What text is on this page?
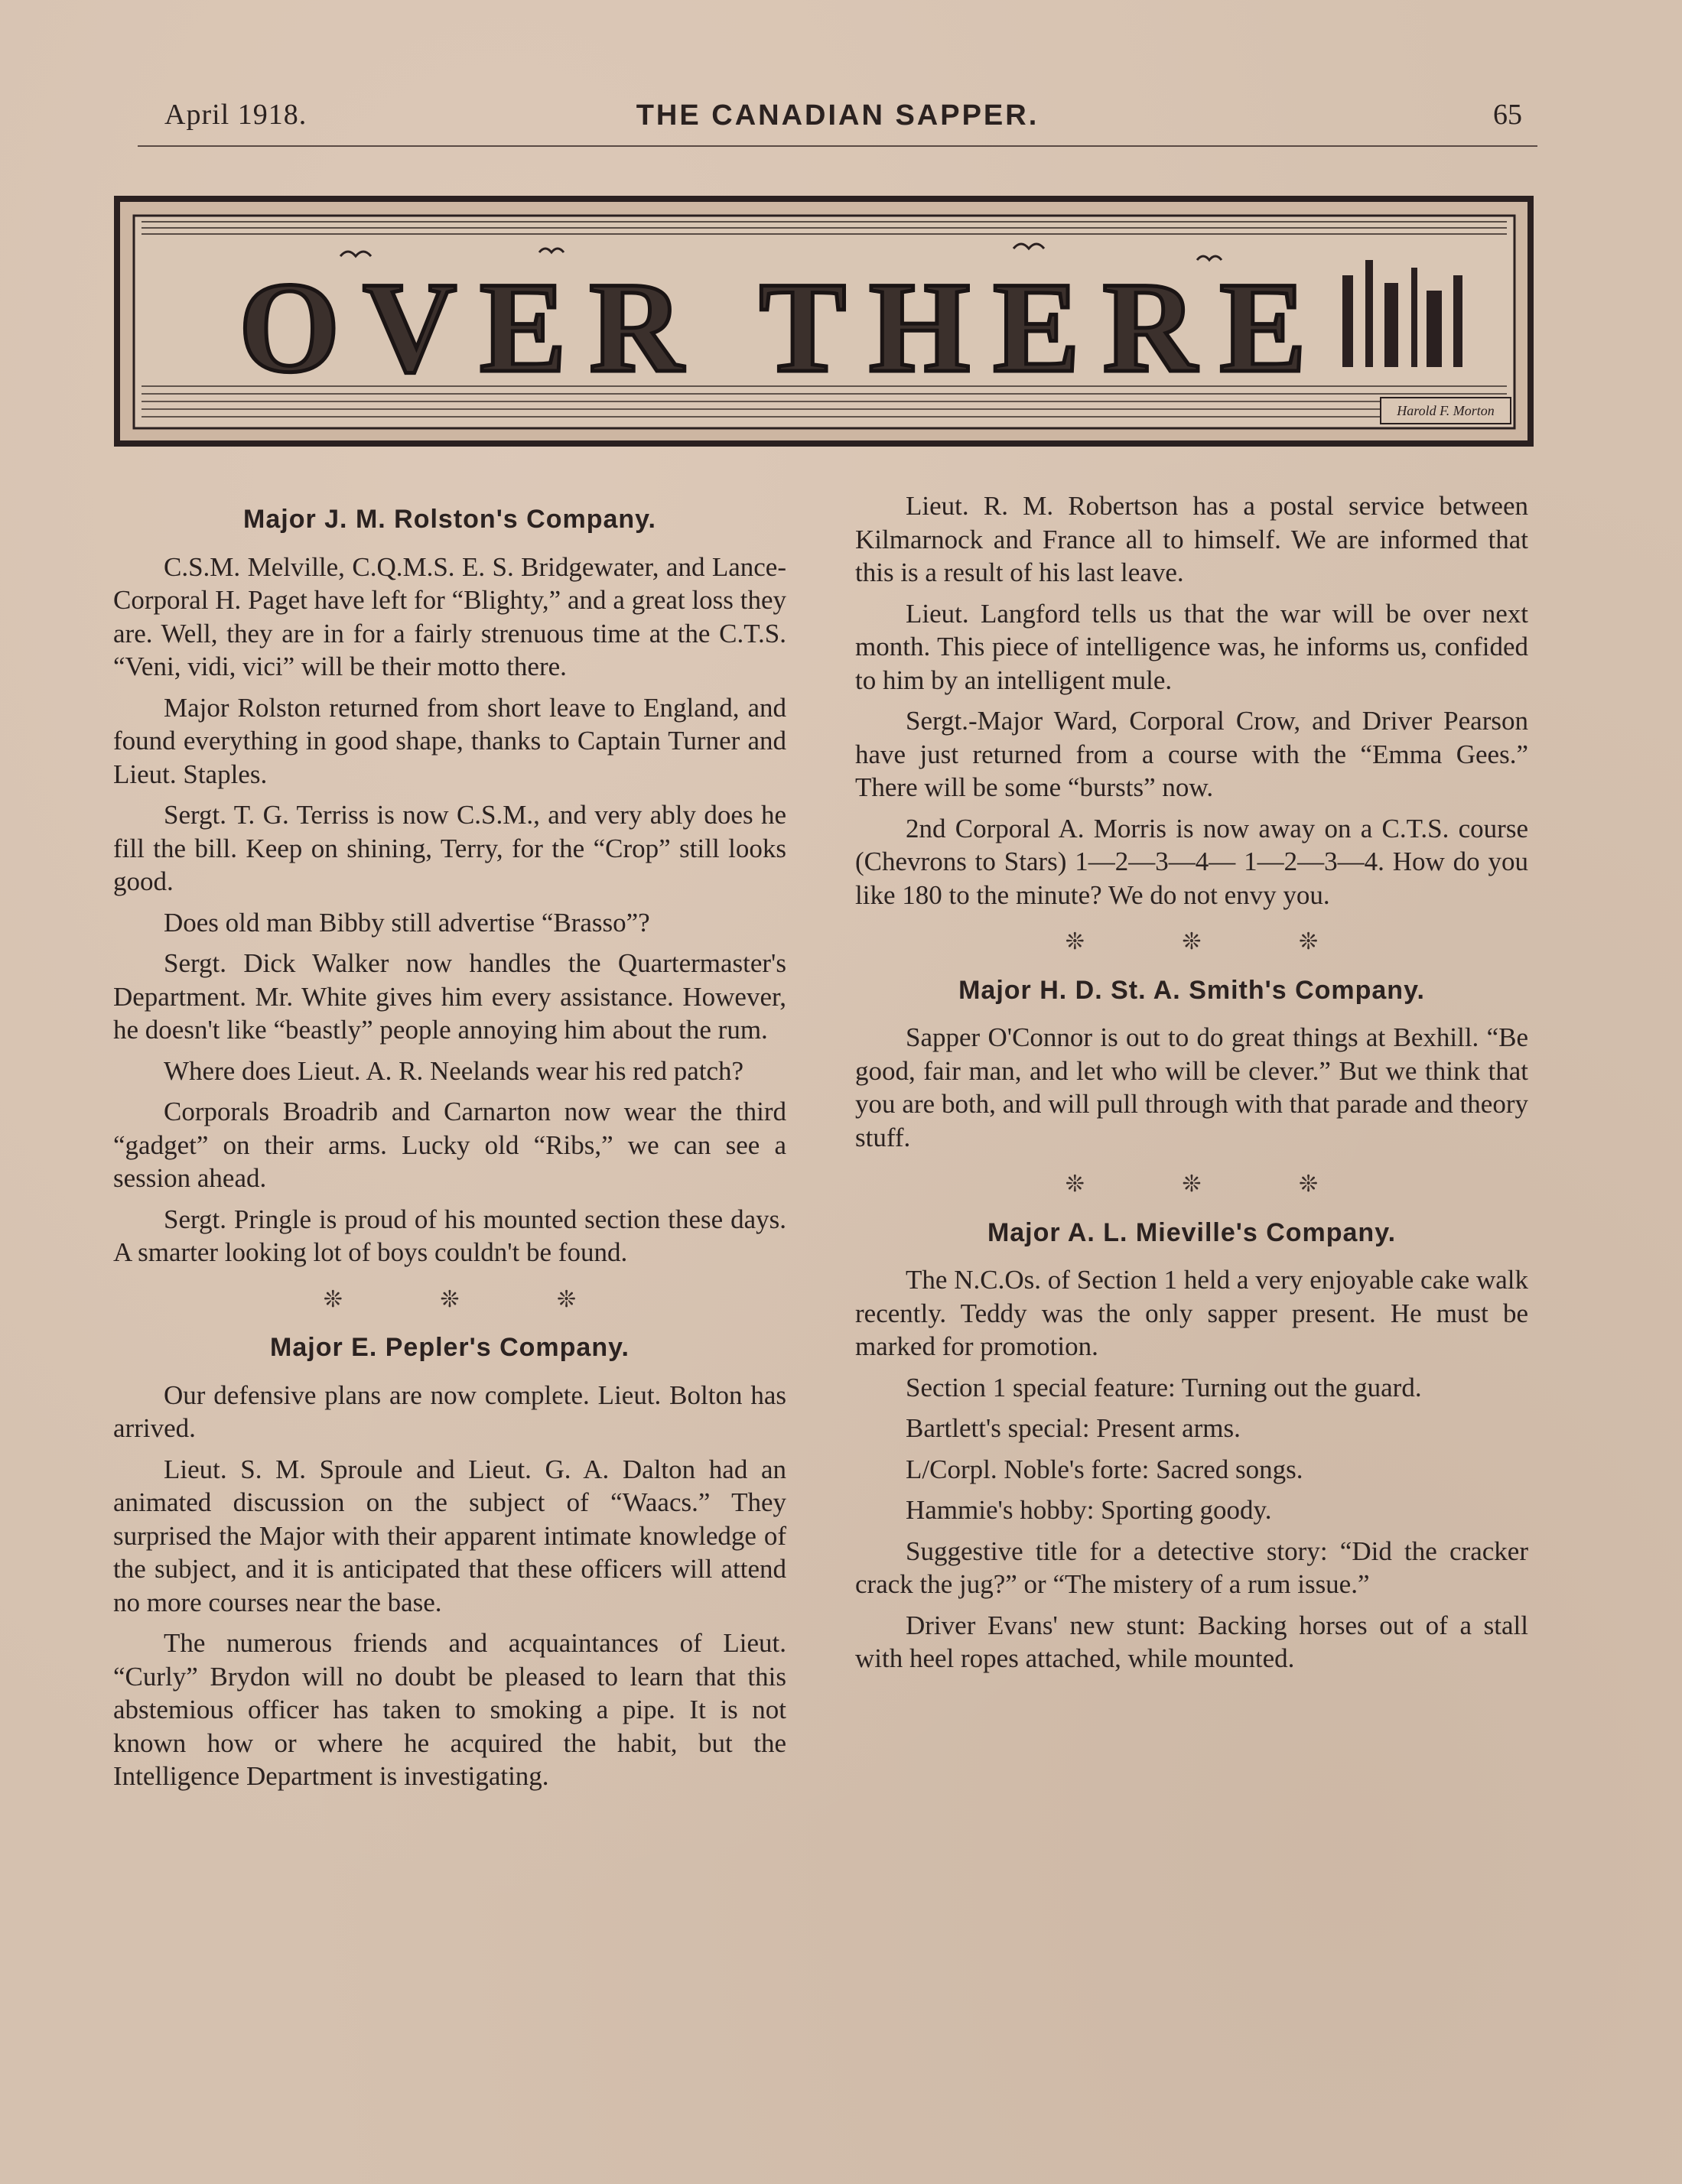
April 1918.	THE CANADIAN SAPPER.	65
OVER THERE
Harold F. Morton
Major J. M. Rolston's Company.

C.S.M. Melville, C.Q.M.S. E. S. Bridgewater, and Lance-Corporal H. Paget have left for “Blighty,” and a great loss they are. Well, they are in for a fairly strenuous time at the C.T.S. “Veni, vidi, vici” will be their motto there.

Major Rolston returned from short leave to England, and found everything in good shape, thanks to Captain Turner and Lieut. Staples.

Sergt. T. G. Terriss is now C.S.M., and very ably does he fill the bill. Keep on shining, Terry, for the “Crop” still looks good.

Does old man Bibby still advertise “Brasso”?

Sergt. Dick Walker now handles the Quartermaster's Department. Mr. White gives him every assistance. However, he doesn't like “beastly” people annoying him about the rum.

Where does Lieut. A. R. Neelands wear his red patch?

Corporals Broadrib and Carnarton now wear the third “gadget” on their arms. Lucky old “Ribs,” we can see a session ahead.

Sergt. Pringle is proud of his mounted section these days. A smarter looking lot of boys couldn't be found.

❊ ❊ ❊
Major E. Pepler's Company.

Our defensive plans are now complete. Lieut. Bolton has arrived.

Lieut. S. M. Sproule and Lieut. G. A. Dalton had an animated discussion on the subject of “Waacs.” They surprised the Major with their apparent intimate knowledge of the subject, and it is anticipated that these officers will attend no more courses near the base.

The numerous friends and acquaintances of Lieut. “Curly” Brydon will no doubt be pleased to learn that this abstemious officer has taken to smoking a pipe. It is not known how or where he acquired the habit, but the Intelligence Department is investigating.

Lieut. R. M. Robertson has a postal service between Kilmarnock and France all to himself. We are informed that this is a result of his last leave.

Lieut. Langford tells us that the war will be over next month. This piece of intelligence was, he informs us, confided to him by an intelligent mule.

Sergt.-Major Ward, Corporal Crow, and Driver Pearson have just returned from a course with the “Emma Gees.” There will be some “bursts” now.

2nd Corporal A. Morris is now away on a C.T.S. course (Chevrons to Stars) 1—2—3—4— 1—2—3—4. How do you like 180 to the minute? We do not envy you.

❊ ❊ ❊
Major H. D. St. A. Smith's Company.

Sapper O'Connor is out to do great things at Bexhill. “Be good, fair man, and let who will be clever.” But we think that you are both, and will pull through with that parade and theory stuff.

❊ ❊ ❊
Major A. L. Mieville's Company.

The N.C.Os. of Section 1 held a very enjoyable cake walk recently. Teddy was the only sapper present. He must be marked for promotion.

Section 1 special feature: Turning out the guard.

Bartlett's special: Present arms.

L/Corpl. Noble's forte: Sacred songs.

Hammie's hobby: Sporting goody.

Suggestive title for a detective story: “Did the cracker crack the jug?” or “The mistery of a rum issue.”

Driver Evans' new stunt: Backing horses out of a stall with heel ropes attached, while mounted.
